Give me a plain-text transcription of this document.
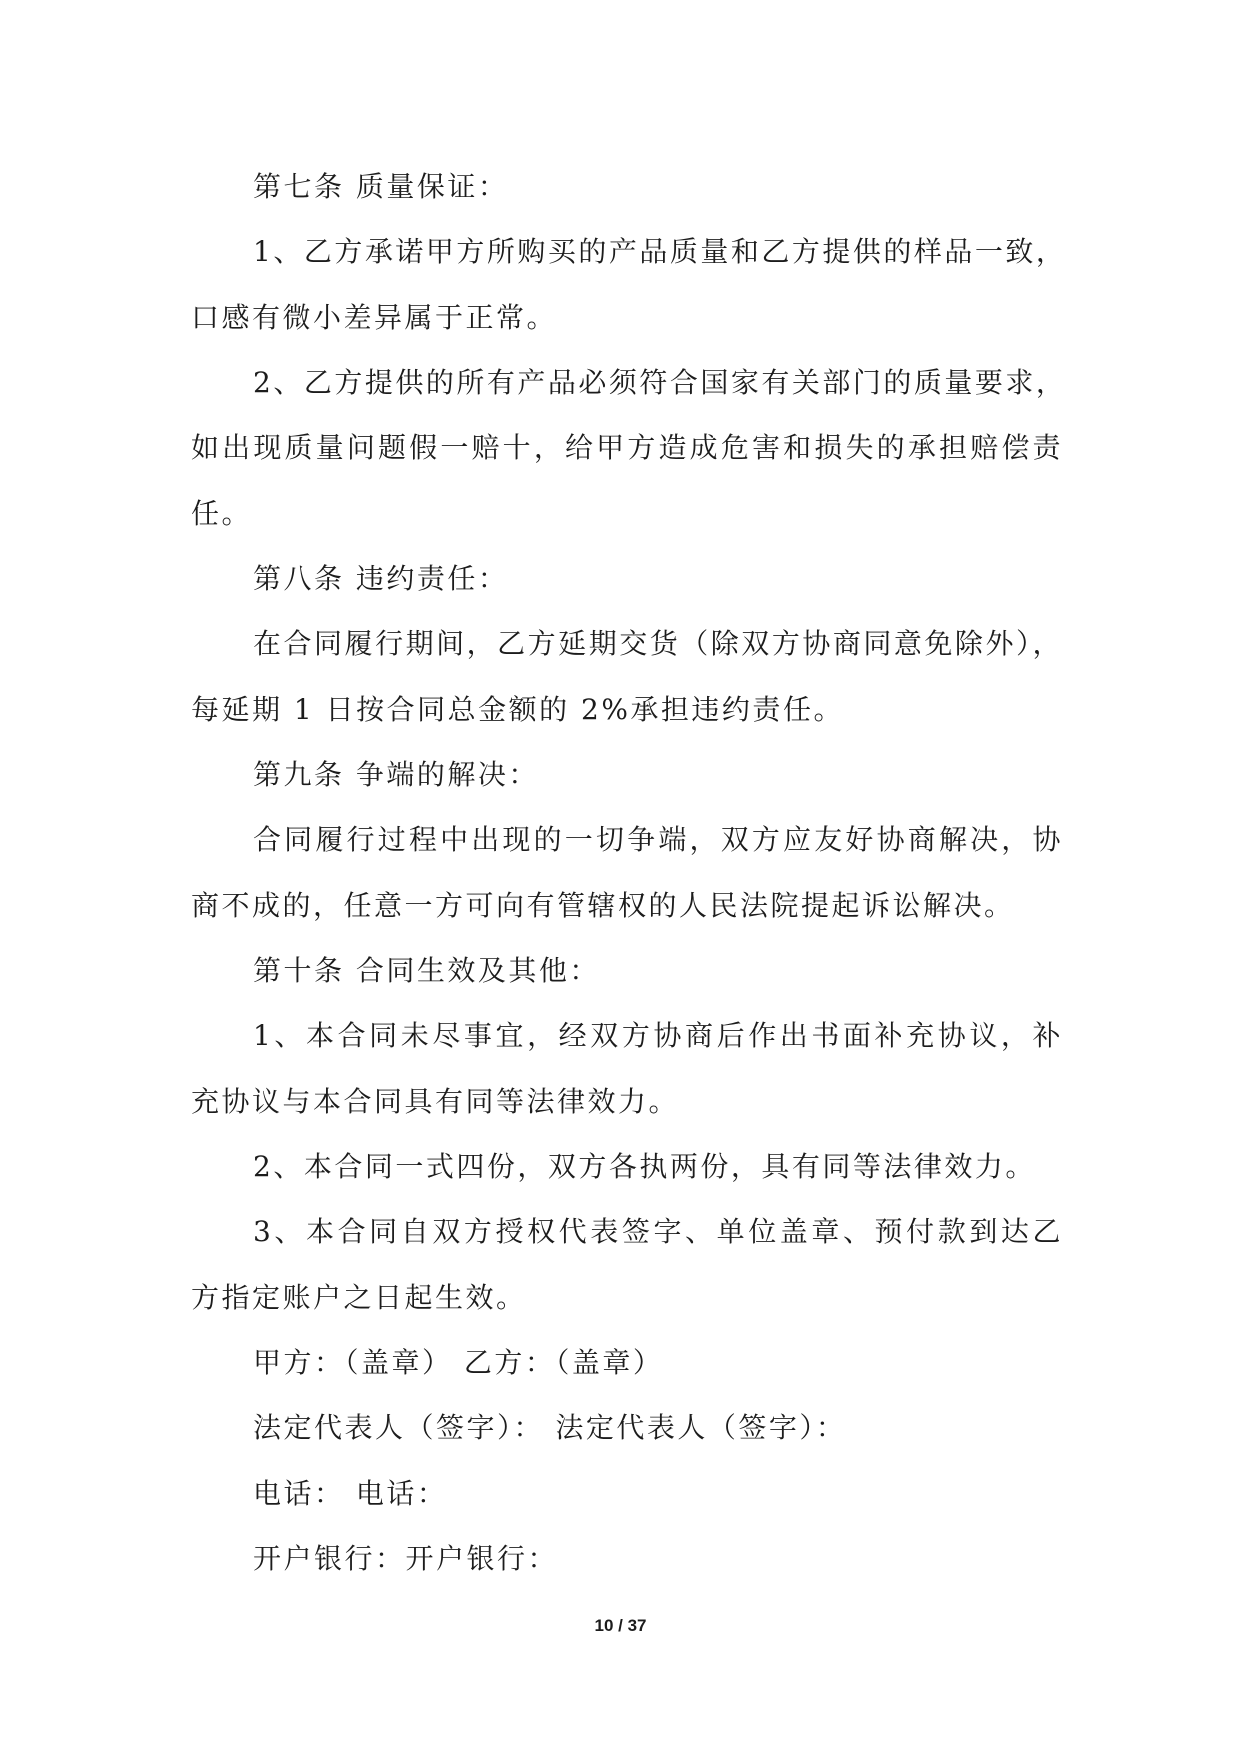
第七条 质量保证：
1、乙方承诺甲方所购买的产品质量和乙方提供的样品一致，
口感有微小差异属于正常。
2、乙方提供的所有产品必须符合国家有关部门的质量要求，
如出现质量问题假一赔十，给甲方造成危害和损失的承担赔偿责
任。
第八条 违约责任：
在合同履行期间，乙方延期交货（除双方协商同意免除外），
每延期 1 日按合同总金额的 2%承担违约责任。
第九条 争端的解决：
合同履行过程中出现的一切争端，双方应友好协商解决，协
商不成的，任意一方可向有管辖权的人民法院提起诉讼解决。
第十条 合同生效及其他：
1、本合同未尽事宜，经双方协商后作出书面补充协议，补
充协议与本合同具有同等法律效力。
2、本合同一式四份，双方各执两份，具有同等法律效力。
3、本合同自双方授权代表签字、单位盖章、预付款到达乙
方指定账户之日起生效。
甲方：（盖章） 乙方：（盖章）
法定代表人（签字）： 法定代表人（签字）：
电话： 电话：
开户银行：开户银行：
10 / 37
